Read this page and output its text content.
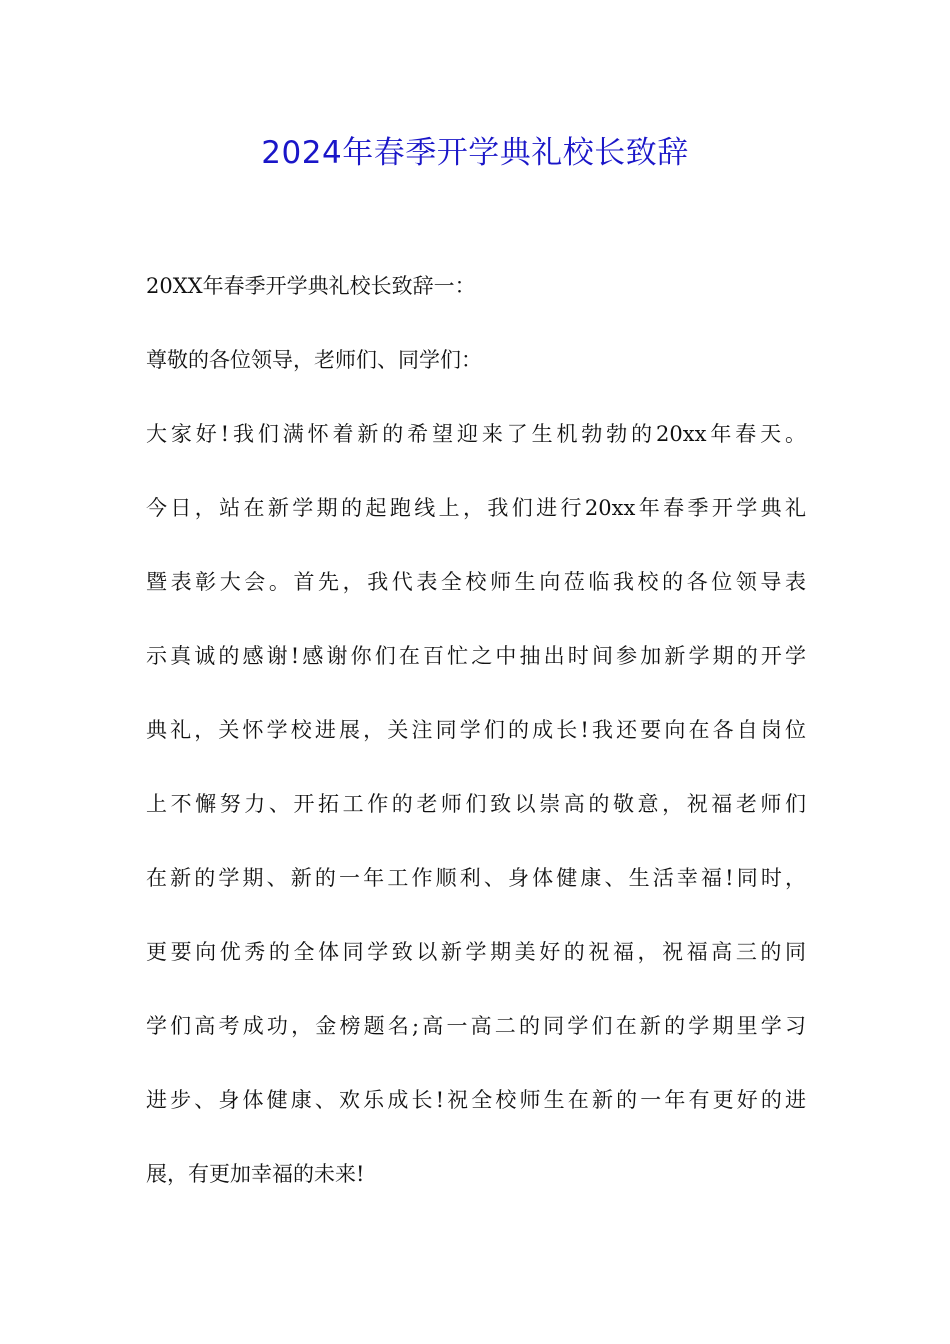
2024年春季开学典礼校长致辞
20XX年春季开学典礼校长致辞一：
尊敬的各位领导，老师们、同学们：
大家好!我们满怀着新的希望迎来了生机勃勃的20xx年春天。
今日，站在新学期的起跑线上，我们进行20xx年春季开学典礼
暨表彰大会。首先，我代表全校师生向莅临我校的各位领导表
示真诚的感谢!感谢你们在百忙之中抽出时间参加新学期的开学
典礼，关怀学校进展，关注同学们的成长!我还要向在各自岗位
上不懈努力、开拓工作的老师们致以崇高的敬意，祝福老师们
在新的学期、新的一年工作顺利、身体健康、生活幸福!同时，
更要向优秀的全体同学致以新学期美好的祝福，祝福高三的同
学们高考成功，金榜题名;高一高二的同学们在新的学期里学习
进步、身体健康、欢乐成长!祝全校师生在新的一年有更好的进
展，有更加幸福的未来!
